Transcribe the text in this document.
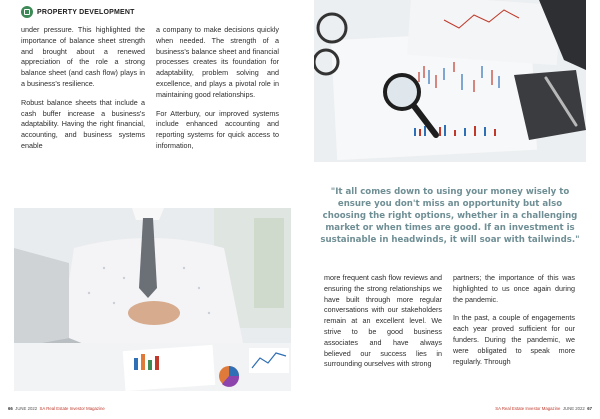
PROPERTY DEVELOPMENT

under pressure. This highlighted the importance of balance sheet strength and brought about a renewed appreciation of the role a strong balance sheet (and cash flow) plays in a business's resilience.

Robust balance sheets that include a cash buffer increase a business's adaptability. Having the right financial, accounting, and business systems enable

a company to make decisions quickly when needed. The strength of a business's balance sheet and financial processes creates its foundation for adaptability, problem solving and excellence, and plays a pivotal role in maintaining good relationships.

For Atterbury, our improved systems include enhanced accounting and reporting systems for quick access to information,

"It all comes down to using your money wisely to ensure you don't miss an opportunity but also choosing the right options, whether in a challenging market or when times are good. If an investment is sustainable in headwinds, it will soar with tailwinds."

more frequent cash flow reviews and ensuring the strong relationships we have built through more regular conversations with our stakeholders remain at an excellent level. We strive to be good business associates and have always believed our success lies in surrounding ourselves with strong

partners; the importance of this was highlighted to us once again during the pandemic.

In the past, a couple of engagements each year proved sufficient for our funders. During the pandemic, we were obligated to speak more regularly. Through

66 JUNE 2022 SA Real Estate Investor Magazine	SA Real Estate Investor Magazine JUNE 2022 67
